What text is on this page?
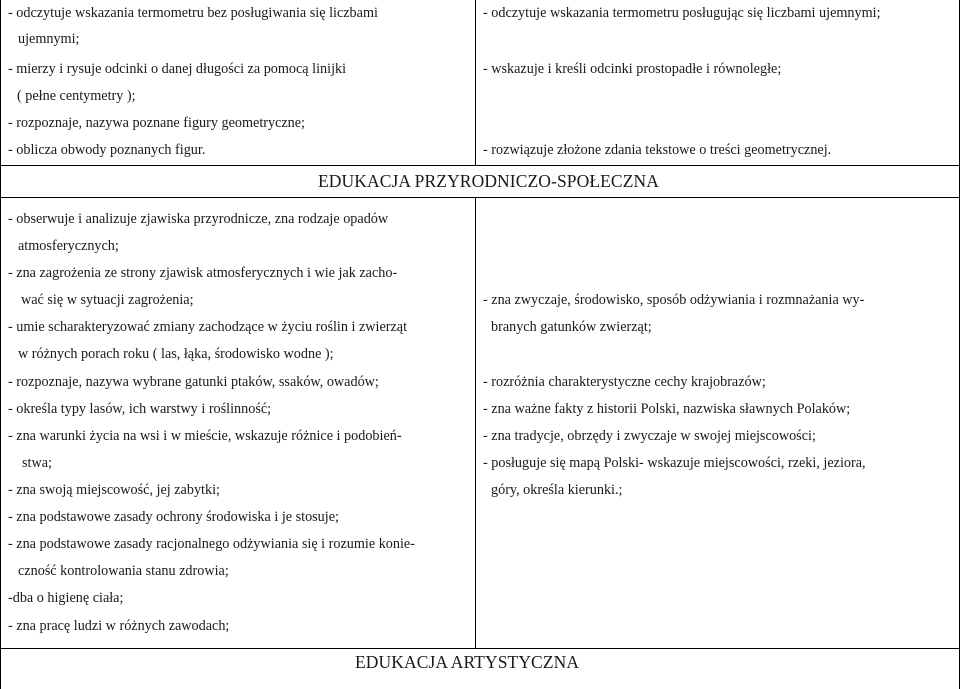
- odczytuje wskazania termometru bez posługiwania się liczbami
ujemnymi;
- mierzy i rysuje odcinki o danej długości za pomocą linijki
( pełne centymetry );
- rozpoznaje, nazywa poznane figury geometryczne;
- oblicza obwody poznanych figur.
- odczytuje wskazania termometru posługując się liczbami ujemnymi;
- wskazuje i kreśli odcinki prostopadłe i równoległe;
- rozwiązuje złożone zdania tekstowe o treści geometrycznej.
EDUKACJA PRZYRODNICZO-SPOŁECZNA
- obserwuje i analizuje zjawiska przyrodnicze, zna rodzaje opadów
atmosferycznych;
- zna zagrożenia ze strony zjawisk atmosferycznych i wie jak zacho-
wać się w sytuacji zagrożenia;
- umie scharakteryzować zmiany zachodzące w życiu roślin i zwierząt
w różnych porach roku ( las, łąka, środowisko wodne );
- rozpoznaje, nazywa wybrane gatunki ptaków, ssaków, owadów;
- określa typy lasów, ich warstwy i roślinność;
- zna warunki życia na wsi i w mieście, wskazuje różnice i podobień-
stwa;
- zna swoją miejscowość, jej zabytki;
- zna podstawowe zasady ochrony środowiska i je stosuje;
- zna podstawowe zasady racjonalnego odżywiania się i rozumie konie-
czność kontrolowania stanu zdrowia;
-dba o higienę ciała;
- zna pracę ludzi w różnych zawodach;
- zna zwyczaje, środowisko, sposób odżywiania i rozmnażania wy-
branych gatunków zwierząt;
- rozróżnia charakterystyczne cechy krajobrazów;
- zna ważne fakty z historii Polski, nazwiska sławnych Polaków;
- zna tradycje, obrzędy i zwyczaje w swojej miejscowości;
- posługuje się mapą Polski- wskazuje miejscowości, rzeki, jeziora,
góry, określa kierunki.;
EDUKACJA ARTYSTYCZNA
